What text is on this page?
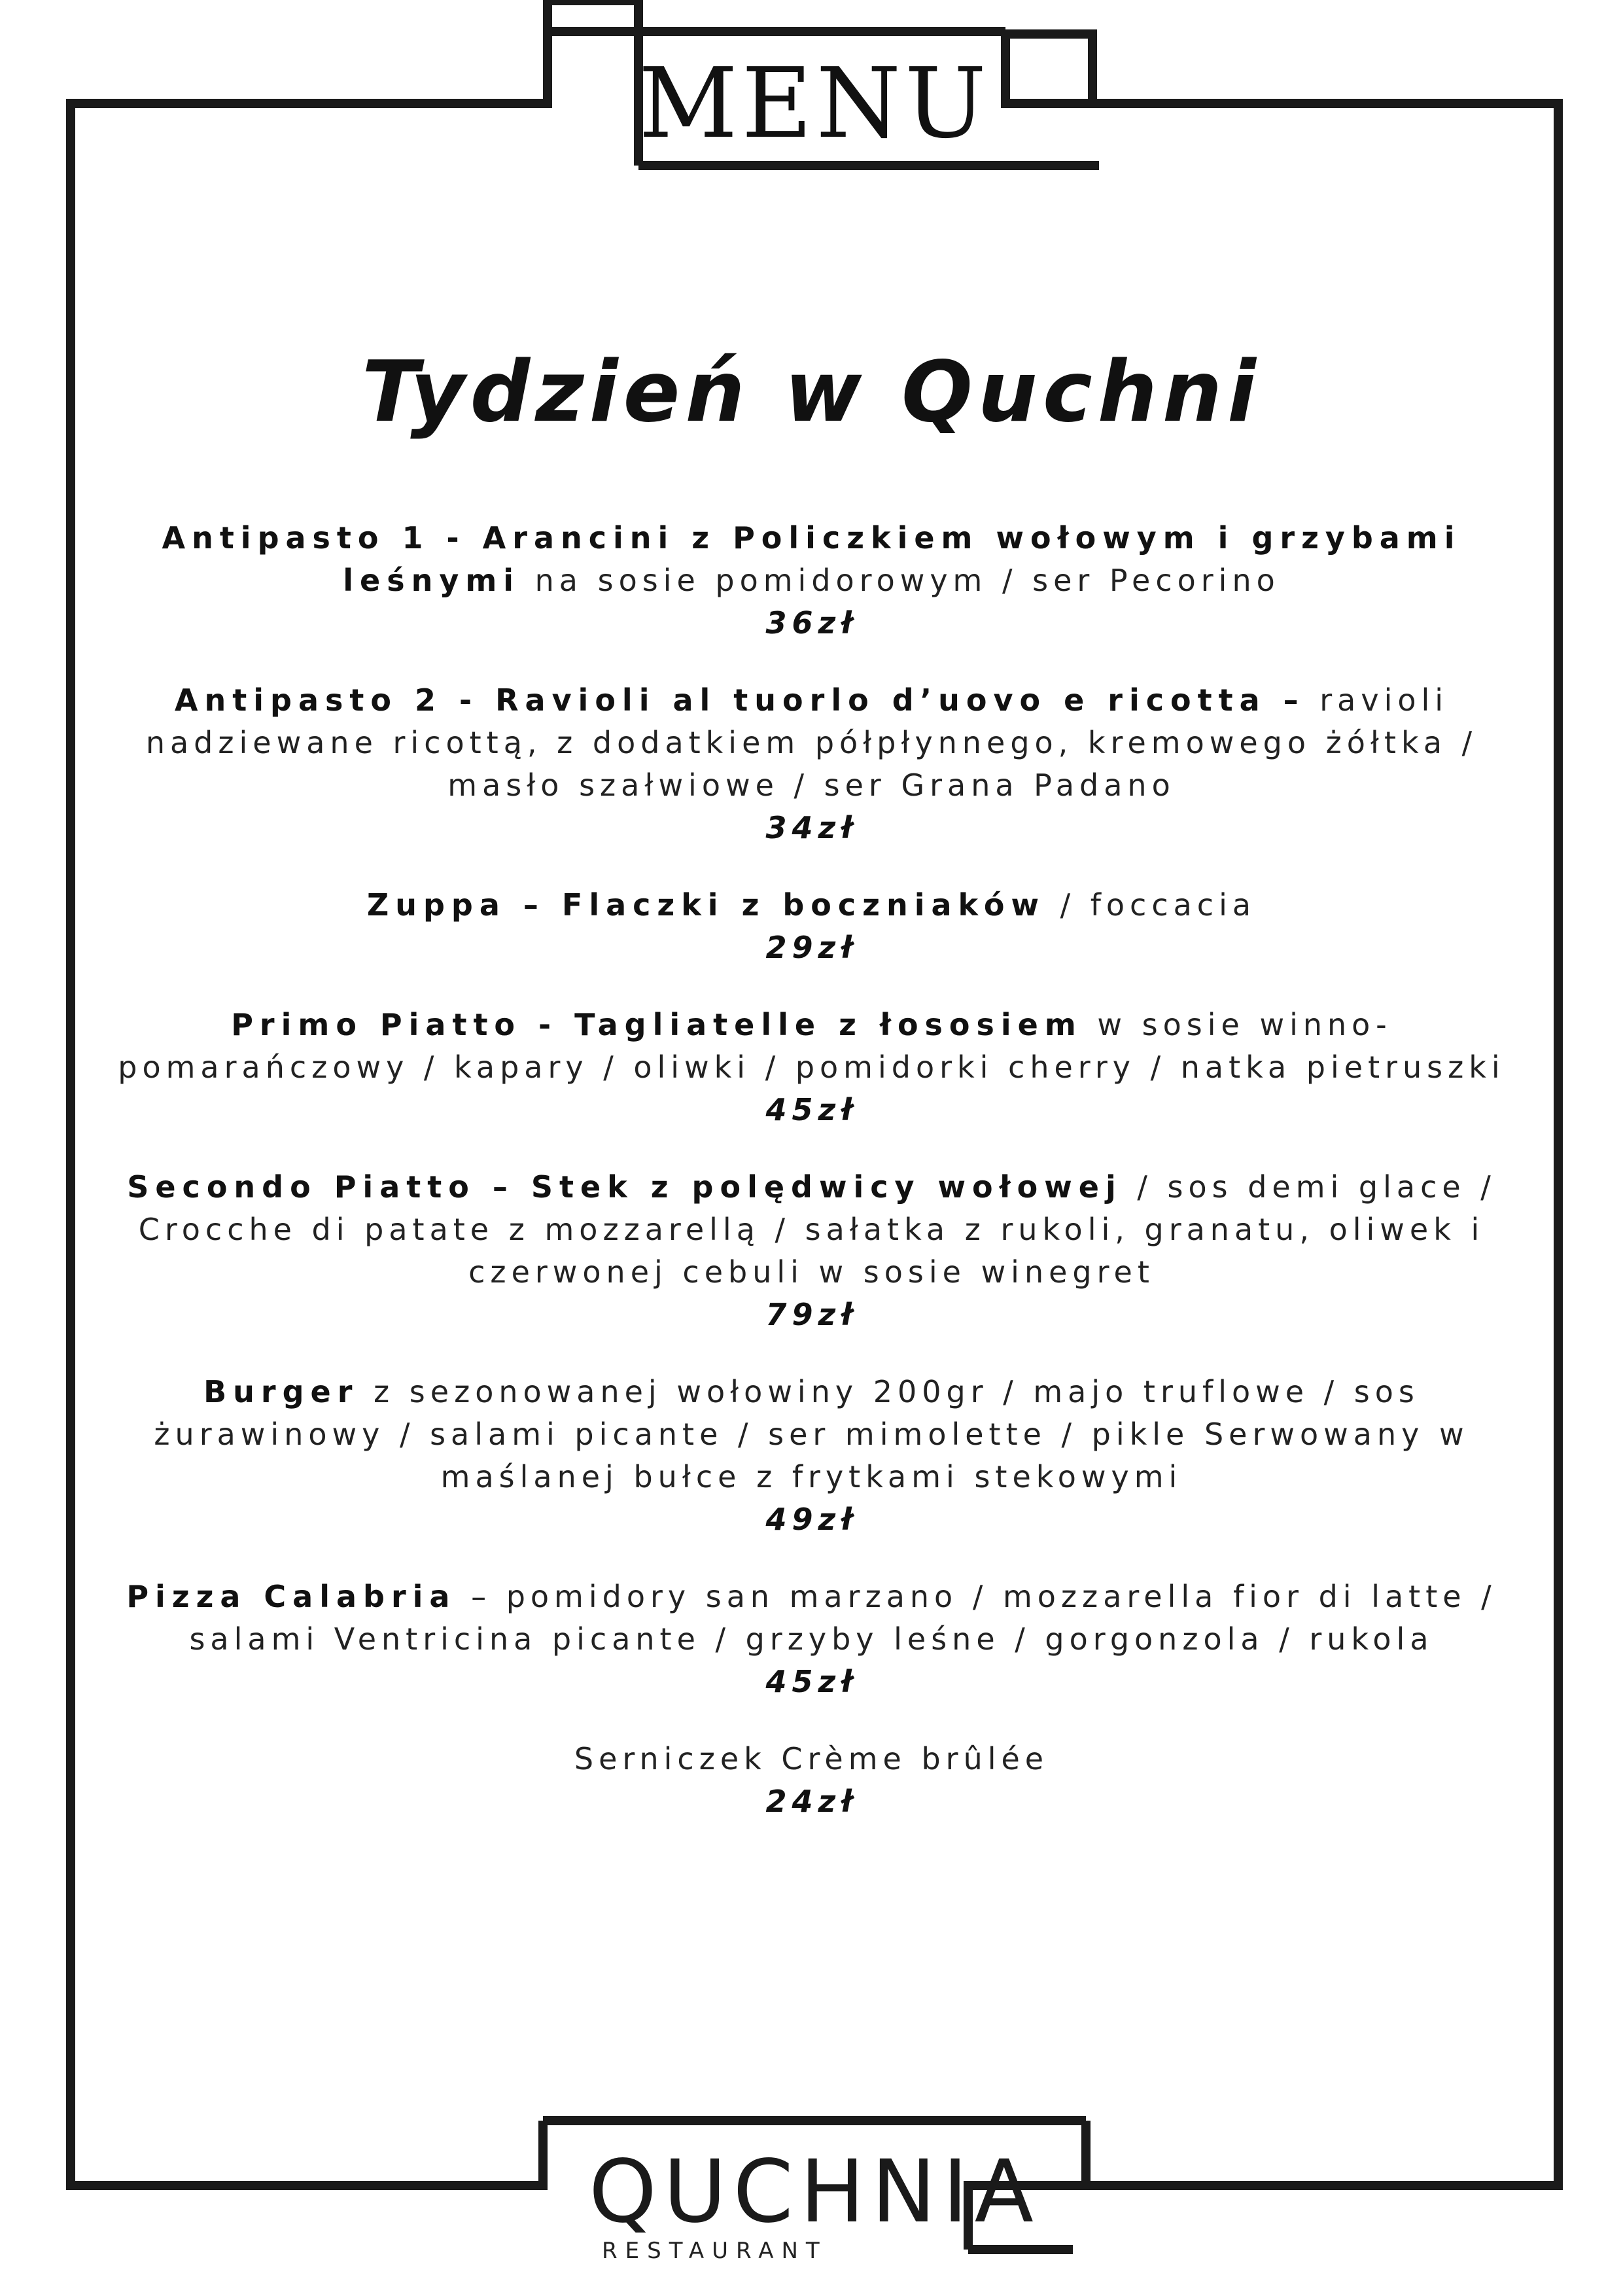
MENU
Tydzień w Quchni
Antipasto 1 - Arancini z Policzkiem wołowym i grzybami leśnymi na sosie pomidorowym / ser Pecorino
36zł
Antipasto 2 - Ravioli al tuorlo d’uovo e ricotta – ravioli nadziewane ricottą, z dodatkiem półpłynnego, kremowego żółtka / masło szałwiowe / ser Grana Padano
34zł
Zuppa – Flaczki z boczniaków / foccacia
29zł
Primo Piatto - Tagliatelle z łososiem w sosie winno-pomarańczowy / kapary / oliwki / pomidorki cherry / natka pietruszki
45zł
Secondo Piatto – Stek z polędwicy wołowej / sos demi glace / Crocche di patate z mozzarellą / sałatka z rukoli, granatu, oliwek i czerwonej cebuli w sosie winegret
79zł
Burger z sezonowanej wołowiny 200gr / majo truflowe / sos żurawinowy / salami picante / ser mimolette / pikle Serwowany w maślanej bułce z frytkami stekowymi
49zł
Pizza Calabria – pomidory san marzano / mozzarella fior di latte / salami Ventricina picante / grzyby leśne / gorgonzola / rukola
45zł
Serniczek Crème brûlée
24zł
QUCHNIA
RESTAURANT
